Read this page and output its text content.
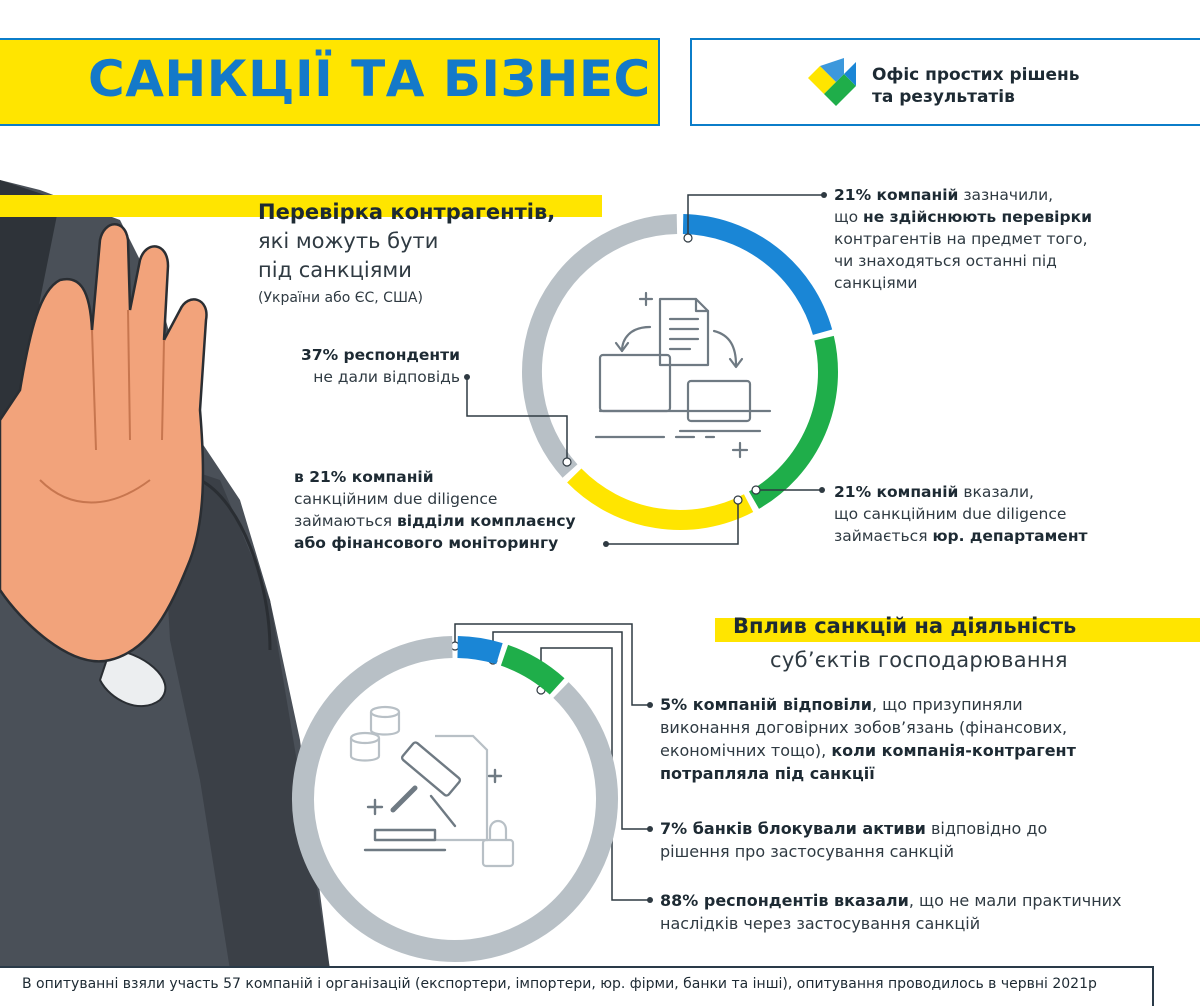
САНКЦІЇ ТА БІЗНЕС	Офіс простих рішень
та результатів
Перевірка контрагентів,
які можуть бути
під санкціями
(України або ЄС, США)
21% компаній зазначили,
що не здійснюють перевірки
контрагентів на предмет того,
чи знаходяться останні під
санкціями
37% респонденти
не дали відповідь
в 21% компаній
санкційним due diligence
займаються відділи комплаєнсу
або фінансового моніторингу
21% компаній вказали,
що санкційним due diligence
займається юр. департамент
Вплив санкцій на діяльність
суб’єктів господарювання
5% компаній відповіли, що призупиняли
виконання договірних зобов’язань (фінансових,
економічних тощо), коли компанія-контрагент
потрапляла під санкції
7% банків блокували активи відповідно до
рішення про застосування санкцій
88% респондентів вказали, що не мали практичних
наслідків через застосування санкцій
В опитуванні взяли участь 57 компаній і організацій (експортери, імпортери, юр. фірми, банки та інші), опитування проводилось в червні 2021р
